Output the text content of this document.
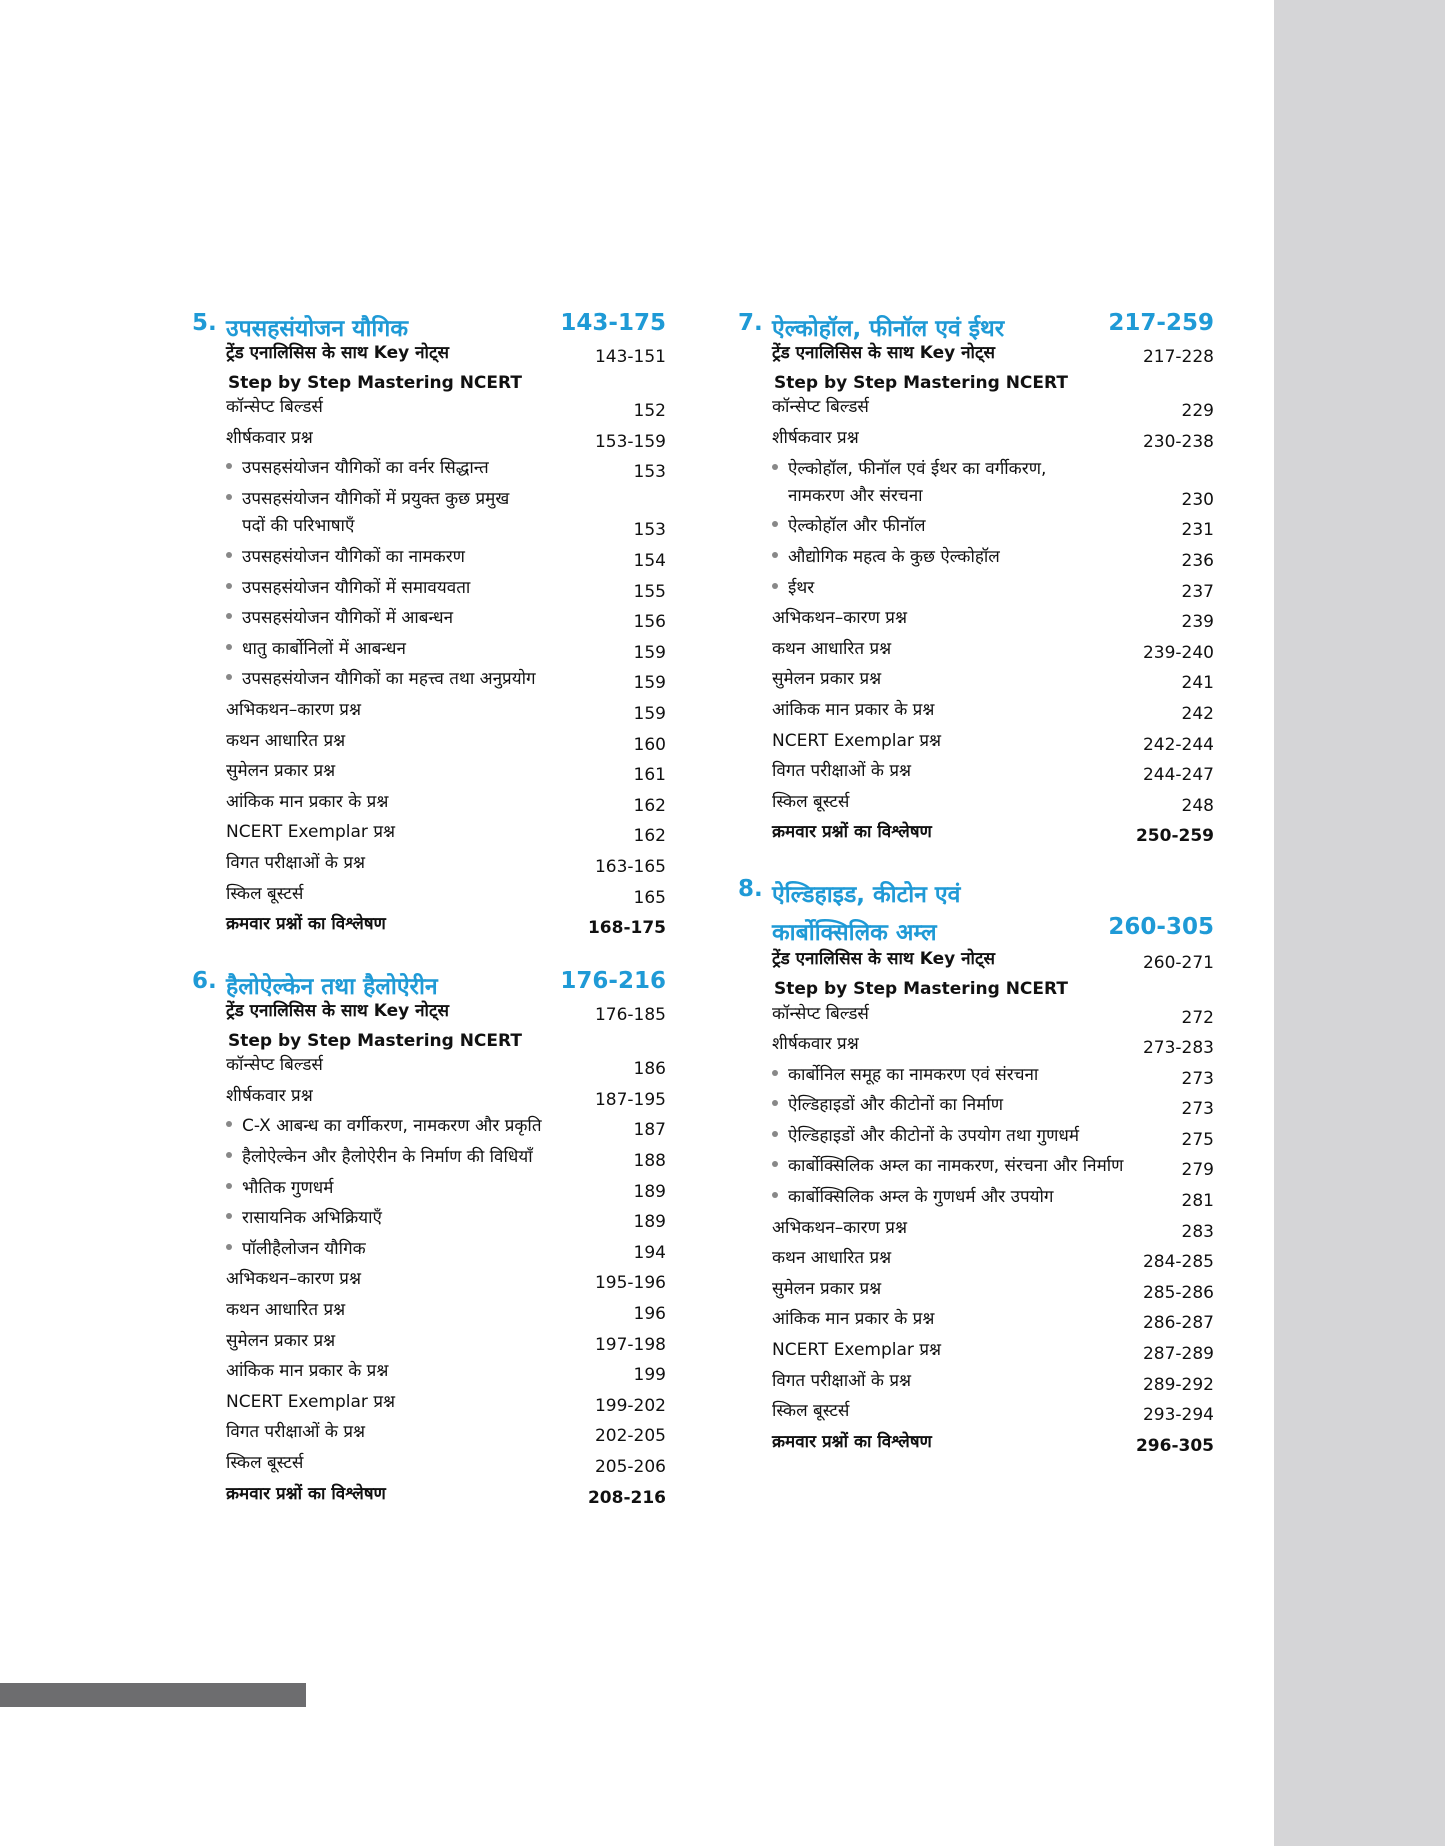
5. उपसहसंयोजन यौगिक	143-175
ट्रेंड एनालिसिस के साथ Key नोट्स	143-151
Step by Step Mastering NCERT
कॉन्सेप्ट बिल्डर्स	152
शीर्षकवार प्रश्न	153-159
उपसहसंयोजन यौगिकों का वर्नर सिद्धान्त	153
उपसहसंयोजन यौगिकों में प्रयुक्त कुछ प्रमुख
पदों की परिभाषाएँ	153
उपसहसंयोजन यौगिकों का नामकरण	154
उपसहसंयोजन यौगिकों में समावयवता	155
उपसहसंयोजन यौगिकों में आबन्धन	156
धातु कार्बोनिलों में आबन्धन	159
उपसहसंयोजन यौगिकों का महत्त्व तथा अनुप्रयोग	159
अभिकथन–कारण प्रश्न	159
कथन आधारित प्रश्न	160
सुमेलन प्रकार प्रश्न	161
आंकिक मान प्रकार के प्रश्न	162
NCERT Exemplar प्रश्न	162
विगत परीक्षाओं के प्रश्न	163-165
स्किल बूस्टर्स	165
क्रमवार प्रश्नों का विश्लेषण	168-175
6. हैलोऐल्केन तथा हैलोऐरीन	176-216
ट्रेंड एनालिसिस के साथ Key नोट्स	176-185
Step by Step Mastering NCERT
कॉन्सेप्ट बिल्डर्स	186
शीर्षकवार प्रश्न	187-195
C-X आबन्ध का वर्गीकरण, नामकरण और प्रकृति	187
हैलोऐल्केन और हैलोऐरीन के निर्माण की विधियाँ	188
भौतिक गुणधर्म	189
रासायनिक अभिक्रियाएँ	189
पॉलीहैलोजन यौगिक	194
अभिकथन–कारण प्रश्न	195-196
कथन आधारित प्रश्न	196
सुमेलन प्रकार प्रश्न	197-198
आंकिक मान प्रकार के प्रश्न	199
NCERT Exemplar प्रश्न	199-202
विगत परीक्षाओं के प्रश्न	202-205
स्किल बूस्टर्स	205-206
क्रमवार प्रश्नों का विश्लेषण	208-216
7. ऐल्कोहॉल, फीनॉल एवं ईथर	217-259
ट्रेंड एनालिसिस के साथ Key नोट्स	217-228
Step by Step Mastering NCERT
कॉन्सेप्ट बिल्डर्स	229
शीर्षकवार प्रश्न	230-238
ऐल्कोहॉल, फीनॉल एवं ईथर का वर्गीकरण,
नामकरण और संरचना	230
ऐल्कोहॉल और फीनॉल	231
औद्योगिक महत्व के कुछ ऐल्कोहॉल	236
ईथर	237
अभिकथन–कारण प्रश्न	239
कथन आधारित प्रश्न	239-240
सुमेलन प्रकार प्रश्न	241
आंकिक मान प्रकार के प्रश्न	242
NCERT Exemplar प्रश्न	242-244
विगत परीक्षाओं के प्रश्न	244-247
स्किल बूस्टर्स	248
क्रमवार प्रश्नों का विश्लेषण	250-259
8. ऐल्डिहाइड, कीटोन एवं
कार्बोक्सिलिक अम्ल	260-305
ट्रेंड एनालिसिस के साथ Key नोट्स	260-271
Step by Step Mastering NCERT
कॉन्सेप्ट बिल्डर्स	272
शीर्षकवार प्रश्न	273-283
कार्बोनिल समूह का नामकरण एवं संरचना	273
ऐल्डिहाइडों और कीटोनों का निर्माण	273
ऐल्डिहाइडों और कीटोनों के उपयोग तथा गुणधर्म	275
कार्बोक्सिलिक अम्ल का नामकरण, संरचना और निर्माण	279
कार्बोक्सिलिक अम्ल के गुणधर्म और उपयोग	281
अभिकथन–कारण प्रश्न	283
कथन आधारित प्रश्न	284-285
सुमेलन प्रकार प्रश्न	285-286
आंकिक मान प्रकार के प्रश्न	286-287
NCERT Exemplar प्रश्न	287-289
विगत परीक्षाओं के प्रश्न	289-292
स्किल बूस्टर्स	293-294
क्रमवार प्रश्नों का विश्लेषण	296-305
